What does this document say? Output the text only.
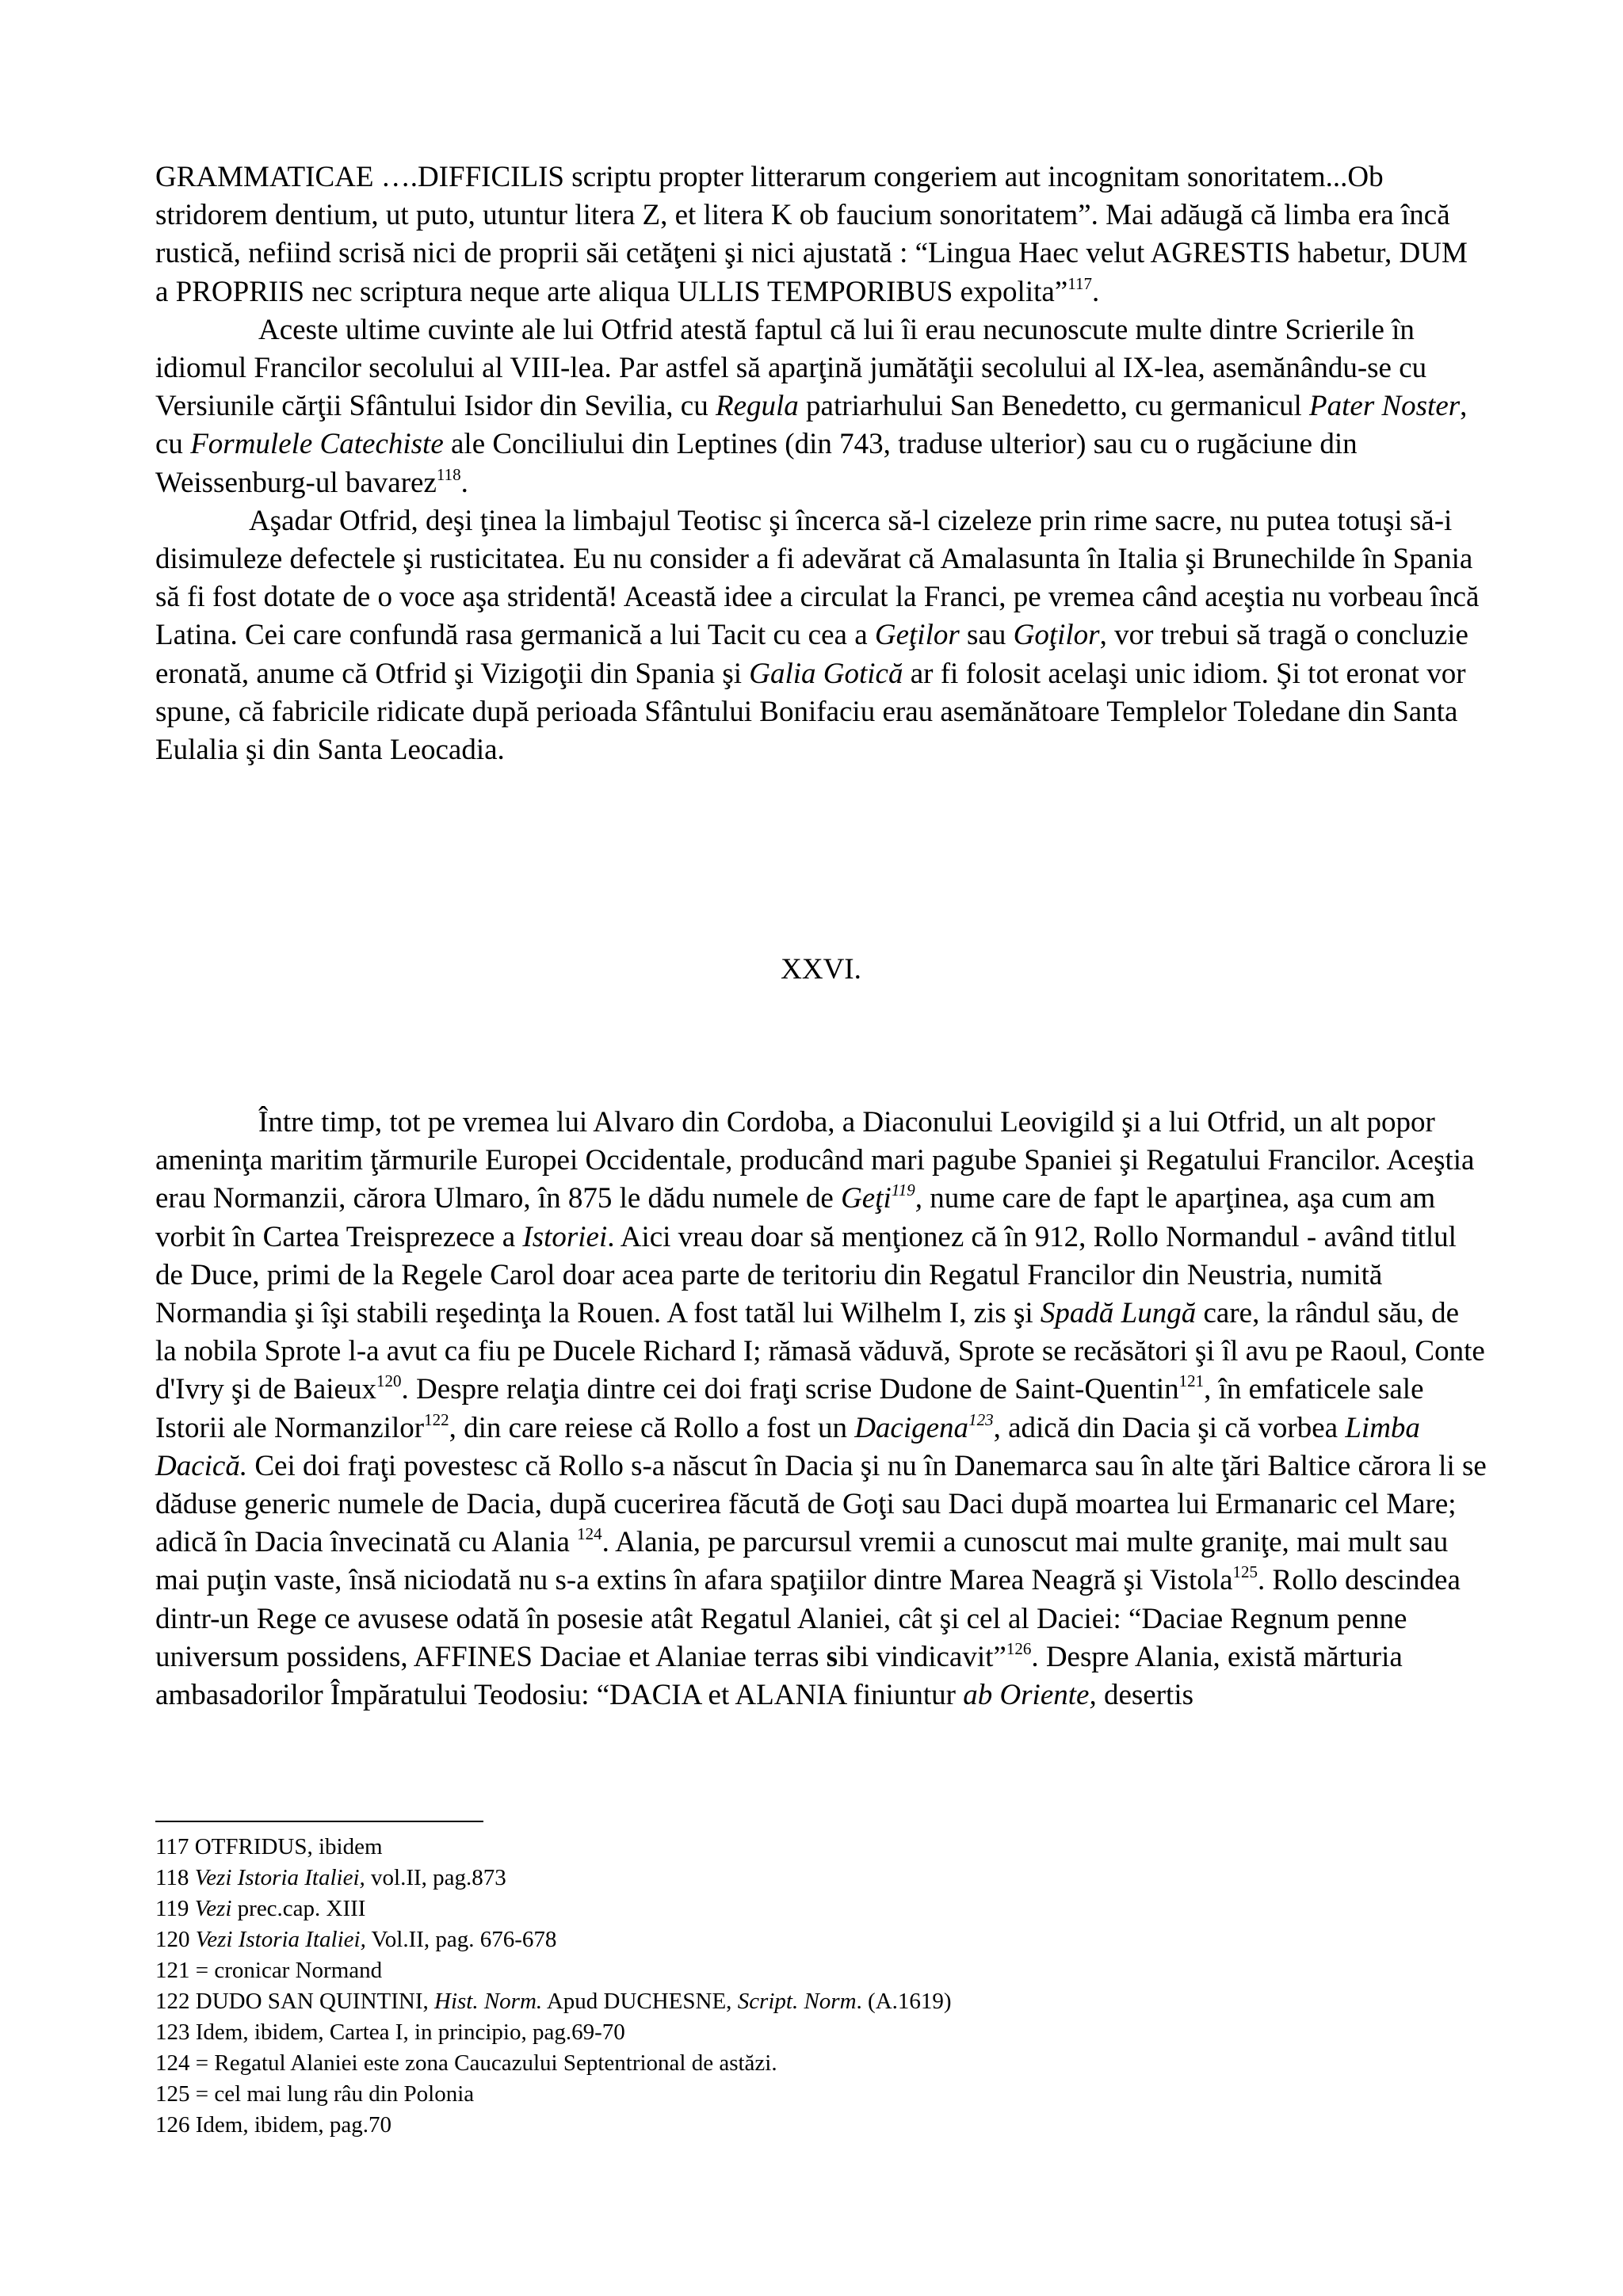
GRAMMATICAE ….DIFFICILIS scriptu propter litterarum congeriem aut incognitam sonoritatem...Ob stridorem dentium, ut puto, utuntur litera Z, et litera K ob faucium sonoritatem”. Mai adăugă că limba era încă rustică, nefiind scrisă nici de proprii săi cetăţeni şi nici ajustată : “Lingua Haec velut AGRESTIS habetur, DUM a PROPRIIS nec scriptura neque arte aliqua ULLIS TEMPORIBUS expolita”$^{117}$.

Aceste ultime cuvinte ale lui Otfrid atestă faptul că lui îi erau necunoscute multe dintre Scrierile în idiomul Francilor secolului al VIII-lea. Par astfel să aparţină jumătăţii secolului al IX-lea, asemănându-se cu Versiunile cărţii Sfântului Isidor din Sevilia, cu Regula patriarhului San Benedetto, cu germanicul Pater Noster, cu Formulele Catechiste ale Conciliului din Leptines (din 743, traduse ulterior) sau cu o rugăciune din Weissenburg-ul bavarez$^{118}$.

Aşadar Otfrid, deşi ţinea la limbajul Teotisc şi încerca să-l cizeleze prin rime sacre, nu putea totuşi să-i disimuleze defectele şi rusticitatea. Eu nu consider a fi adevărat că Amalasunta în Italia şi Brunechilde în Spania să fi fost dotate de o voce aşa stridentă! Această idee a circulat la Franci, pe vremea când aceştia nu vorbeau încă Latina. Cei care confundă rasa germanică a lui Tacit cu cea a Geţilor sau Goţilor, vor trebui să tragă o concluzie eronată, anume că Otfrid şi Vizigoţii din Spania şi Galia Gotică ar fi folosit acelaşi unic idiom. Şi tot eronat vor spune, că fabricile ridicate după perioada Sfântului Bonifaciu erau asemănătoare Templelor Toledane din Santa Eulalia şi din Santa Leocadia.

XXVI.

Între timp, tot pe vremea lui Alvaro din Cordoba, a Diaconului Leovigild şi a lui Otfrid, un alt popor ameninţa maritim ţărmurile Europei Occidentale, producând mari pagube Spaniei şi Regatului Francilor. Aceştia erau Normanzii, cărora Ulmaro, în 875 le dădu numele de Geţi$^{119}$, nume care de fapt le aparţinea, aşa cum am vorbit în Cartea Treisprezece a Istoriei. Aici vreau doar să menţionez că în 912, Rollo Normandul - având titlul de Duce, primi de la Regele Carol doar acea parte de teritoriu din Regatul Francilor din Neustria, numită Normandia şi îşi stabili reşedinţa la Rouen. A fost tatăl lui Wilhelm I, zis şi Spadă Lungă care, la rândul său, de la nobila Sprote l-a avut ca fiu pe Ducele Richard I; rămasă văduvă, Sprote se recăsători şi îl avu pe Raoul, Conte d'Ivry şi de Baieux$^{120}$. Despre relaţia dintre cei doi fraţi scrise Dudone de Saint-Quentin$^{121}$, în emfaticele sale Istorii ale Normanzilor$^{122}$, din care reiese că Rollo a fost un Dacigena$^{123}$, adică din Dacia şi că vorbea Limba Dacică. Cei doi fraţi povestesc că Rollo s-a născut în Dacia şi nu în Danemarca sau în alte ţări Baltice cărora li se dăduse generic numele de Dacia, după cucerirea făcută de Goţi sau Daci după moartea lui Ermanaric cel Mare; adică în Dacia învecinată cu Alania $^{124}$. Alania, pe parcursul vremii a cunoscut mai multe graniţe, mai mult sau mai puţin vaste, însă niciodată nu s-a extins în afara spaţiilor dintre Marea Neagră şi Vistola$^{125}$. Rollo descindea dintr-un Rege ce avusese odată în posesie atât Regatul Alaniei, cât şi cel al Daciei: “Daciae Regnum penne universum possidens, AFFINES Daciae et Alaniae terras sibi vindicavit”$^{126}$. Despre Alania, există mărturia ambasadorilor Împăratului Teodosiu: “DACIA et ALANIA finiuntur ab Oriente, desertis

117 OTFRIDUS, ibidem

118 Vezi Istoria Italiei, vol.II, pag.873

119 Vezi prec.cap. XIII

120 Vezi Istoria Italiei, Vol.II, pag. 676-678

121 = cronicar Normand

122 DUDO SAN QUINTINI, Hist. Norm. Apud DUCHESNE, Script. Norm. (A.1619)

123 Idem, ibidem, Cartea I, in principio, pag.69-70

124 = Regatul Alaniei este zona Caucazului Septentrional de astăzi.

125 = cel mai lung râu din Polonia

126 Idem, ibidem, pag.70
